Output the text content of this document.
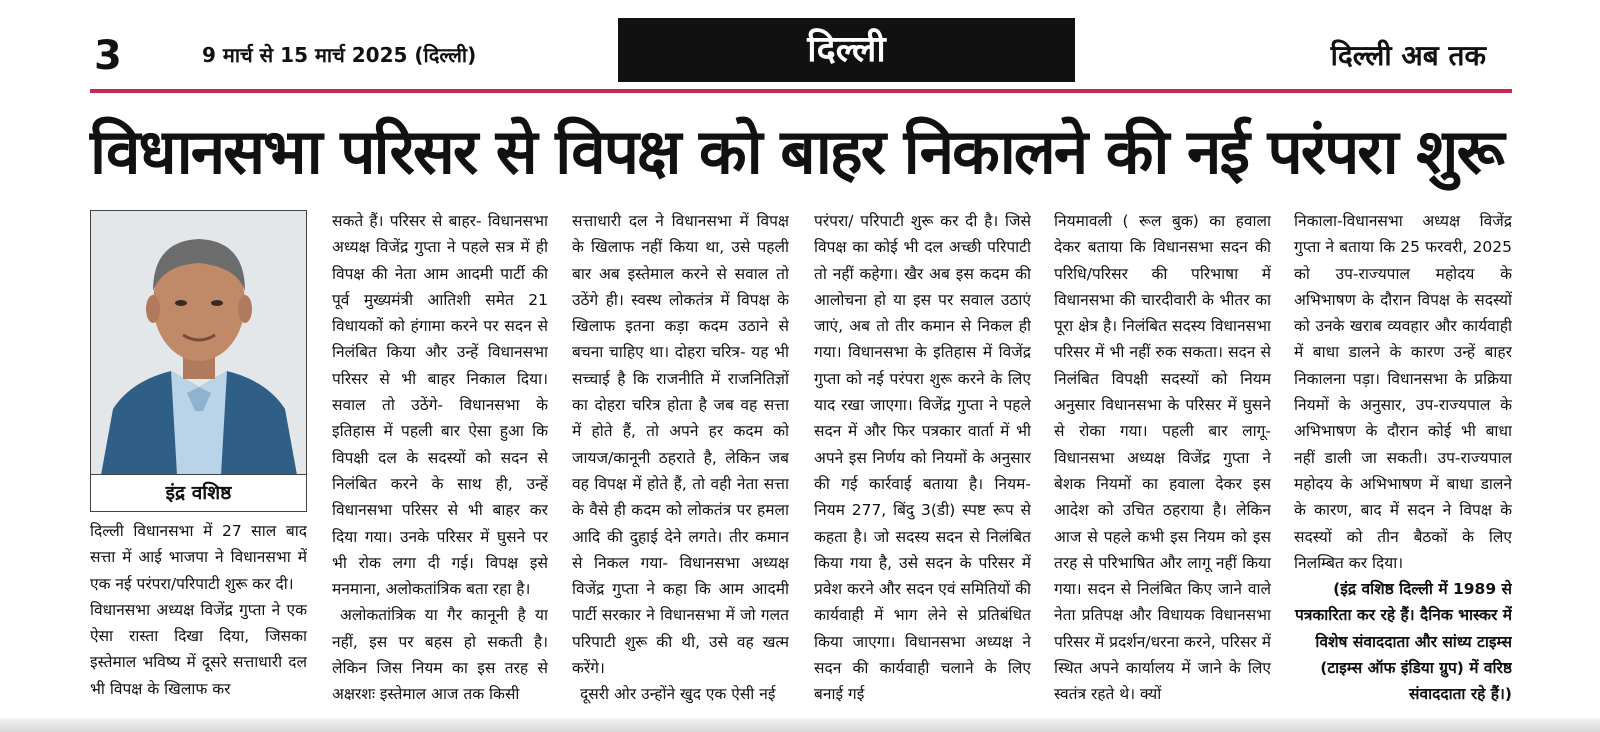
3	9 मार्च से 15 मार्च 2025 (दिल्ली)	दिल्ली	दिल्ली अब तक
विधानसभा परिसर से विपक्ष को बाहर निकालने की नई परंपरा शुरू
इंद्र वशिष्ठ

दिल्ली विधानसभा में 27 साल बाद सत्ता में आई भाजपा ने विधानसभा में एक नई परंपरा/परिपाटी शुरू कर दी।

विधानसभा अध्यक्ष विजेंद्र गुप्ता ने एक ऐसा रास्ता दिखा दिया, जिसका इस्तेमाल भविष्य में दूसरे सत्ताधारी दल भी विपक्ष के खिलाफ कर

सकते हैं। परिसर से बाहर- विधानसभा अध्यक्ष विजेंद्र गुप्ता ने पहले सत्र में ही विपक्ष की नेता आम आदमी पार्टी की पूर्व मुख्यमंत्री आतिशी समेत 21 विधायकों को हंगामा करने पर सदन से निलंबित किया और उन्हें विधानसभा परिसर से भी बाहर निकाल दिया। सवाल तो उठेंगे- विधानसभा के इतिहास में पहली बार ऐसा हुआ कि विपक्षी दल के सदस्यों को सदन से निलंबित करने के साथ ही, उन्हें विधानसभा परिसर से भी बाहर कर दिया गया। उनके परिसर में घुसने पर भी रोक लगा दी गई। विपक्ष इसे मनमाना, अलोकतांत्रिक बता रहा है।

अलोकतांत्रिक या गैर कानूनी है या नहीं, इस पर बहस हो सकती है। लेकिन जिस नियम का इस तरह से अक्षरशः इस्तेमाल आज तक किसी

सत्ताधारी दल ने विधानसभा में विपक्ष के खिलाफ नहीं किया था, उसे पहली बार अब इस्तेमाल करने से सवाल तो उठेंगे ही। स्वस्थ लोकतंत्र में विपक्ष के खिलाफ इतना कड़ा कदम उठाने से बचना चाहिए था। दोहरा चरित्र- यह भी सच्चाई है कि राजनीति में राजनितिज्ञों का दोहरा चरित्र होता है जब वह सत्ता में होते हैं, तो अपने हर कदम को जायज/कानूनी ठहराते है, लेकिन जब वह विपक्ष में होते हैं, तो वही नेता सत्ता के वैसे ही कदम को लोकतंत्र पर हमला आदि की दुहाई देने लगते। तीर कमान से निकल गया- विधानसभा अध्यक्ष विजेंद्र गुप्ता ने कहा कि आम आदमी पार्टी सरकार ने विधानसभा में जो गलत परिपाटी शुरू की थी, उसे वह खत्म करेंगे।

दूसरी ओर उन्होंने खुद एक ऐसी नई

परंपरा/ परिपाटी शुरू कर दी है। जिसे विपक्ष का कोई भी दल अच्छी परिपाटी तो नहीं कहेगा। खैर अब इस कदम की आलोचना हो या इस पर सवाल उठाएं जाएं, अब तो तीर कमान से निकल ही गया। विधानसभा के इतिहास में विजेंद्र गुप्ता को नई परंपरा शुरू करने के लिए याद रखा जाएगा। विजेंद्र गुप्ता ने पहले सदन में और फिर पत्रकार वार्ता में भी अपने इस निर्णय को नियमों के अनुसार की गई कार्रवाई बताया है। नियम- नियम 277, बिंदु 3(डी) स्पष्ट रूप से कहता है। जो सदस्य सदन से निलंबित किया गया है, उसे सदन के परिसर में प्रवेश करने और सदन एवं समितियों की कार्यवाही में भाग लेने से प्रतिबंधित किया जाएगा। विधानसभा अध्यक्ष ने सदन की कार्यवाही चलाने के लिए बनाई गई

नियमावली ( रूल बुक) का हवाला देकर बताया कि विधानसभा सदन की परिधि/परिसर की परिभाषा में विधानसभा की चारदीवारी के भीतर का पूरा क्षेत्र है। निलंबित सदस्य विधानसभा परिसर में भी नहीं रुक सकता। सदन से निलंबित विपक्षी सदस्यों को नियम अनुसार विधानसभा के परिसर में घुसने से रोका गया। पहली बार लागू- विधानसभा अध्यक्ष विजेंद्र गुप्ता ने बेशक नियमों का हवाला देकर इस आदेश को उचित ठहराया है। लेकिन आज से पहले कभी इस नियम को इस तरह से परिभाषित और लागू नहीं किया गया। सदन से निलंबित किए जाने वाले नेता प्रतिपक्ष और विधायक विधानसभा परिसर में प्रदर्शन/धरना करने, परिसर में स्थित अपने कार्यालय में जाने के लिए स्वतंत्र रहते थे। क्यों

निकाला-विधानसभा अध्यक्ष विजेंद्र गुप्ता ने बताया कि 25 फरवरी, 2025 को उप-राज्यपाल महोदय के अभिभाषण के दौरान विपक्ष के सदस्यों को उनके खराब व्यवहार और कार्यवाही में बाधा डालने के कारण उन्हें बाहर निकालना पड़ा। विधानसभा के प्रक्रिया नियमों के अनुसार, उप-राज्यपाल के अभिभाषण के दौरान कोई भी बाधा नहीं डाली जा सकती। उप-राज्यपाल महोदय के अभिभाषण में बाधा डालने के कारण, बाद में सदन ने विपक्ष के सदस्यों को तीन बैठकों के लिए निलम्बित कर दिया।

(इंद्र वशिष्ठ दिल्ली में 1989 से पत्रकारिता कर रहे हैं। दैनिक भास्कर में विशेष संवाददाता और सांध्य टाइम्स (टाइम्स ऑफ इंडिया ग्रुप) में वरिष्ठ संवाददाता रहे हैं।)
